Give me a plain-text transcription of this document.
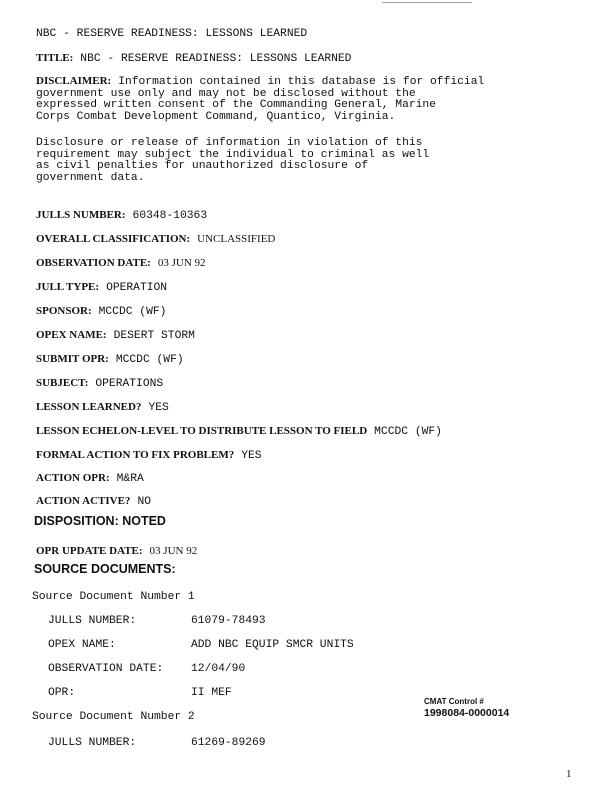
NBC - RESERVE READINESS: LESSONS LEARNED
TITLE: NBC - RESERVE READINESS: LESSONS LEARNED
DISCLAIMER: Information contained in this database is for official
government use only and may not be disclosed without the
expressed written consent of the Commanding General, Marine
Corps Combat Development Command, Quantico, Virginia.
Disclosure or release of information in violation of this
requirement may subject the individual to criminal as well
as civil penalties for unauthorized disclosure of
government data.
JULLS NUMBER: 60348-10363
OVERALL CLASSIFICATION: UNCLASSIFIED
OBSERVATION DATE: 03 JUN 92
JULL TYPE: OPERATION
SPONSOR: MCCDC (WF)
OPEX NAME: DESERT STORM
SUBMIT OPR: MCCDC (WF)
SUBJECT: OPERATIONS
LESSON LEARNED? YES
LESSON ECHELON-LEVEL TO DISTRIBUTE LESSON TO FIELD MCCDC (WF)
FORMAL ACTION TO FIX PROBLEM? YES
ACTION OPR: M&RA
ACTION ACTIVE? NO
DISPOSITION: NOTED
OPR UPDATE DATE: 03 JUN 92
SOURCE DOCUMENTS:
Source Document Number 1
JULLS NUMBER:	61079-78493
OPEX NAME:	ADD NBC EQUIP SMCR UNITS
OBSERVATION DATE: 12/04/90
OPR:	II MEF
CMAT Control #
1998084-0000014
Source Document Number 2
JULLS NUMBER:	61269-89269
1
